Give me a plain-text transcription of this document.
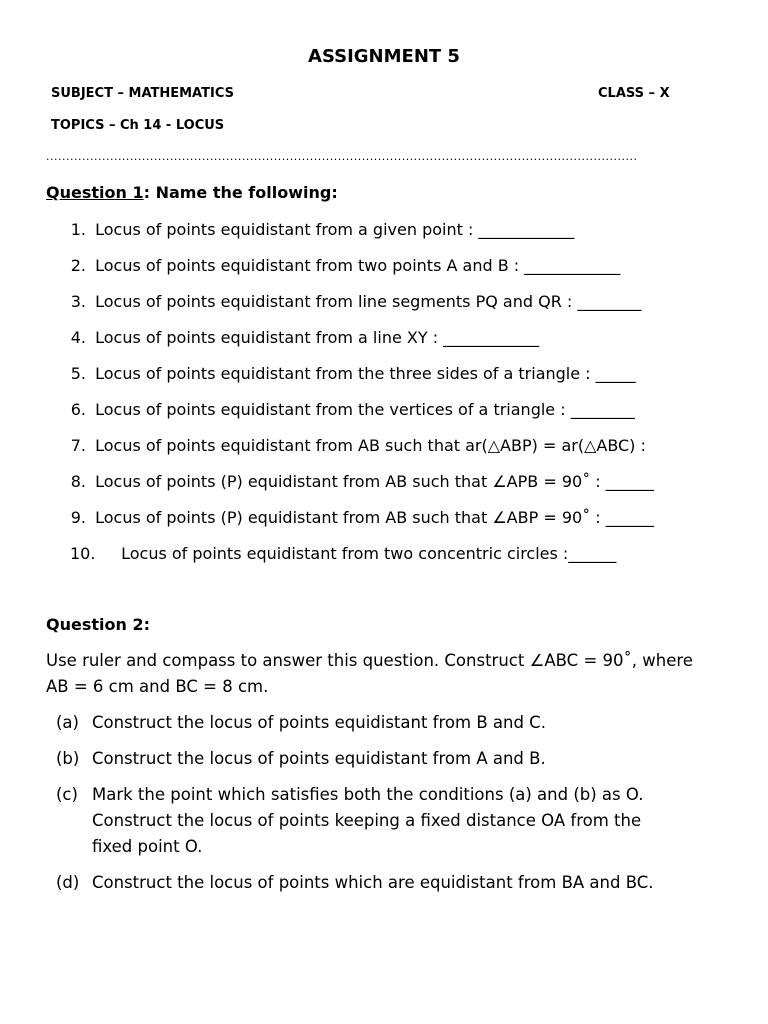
ASSIGNMENT 5
SUBJECT – MATHEMATICS	CLASS – X
TOPICS – Ch 14 - LOCUS
....................................................................................................................................................
Question 1: Name the following:
1. Locus of points equidistant from a given point : ____________
2. Locus of points equidistant from two points A and B : ____________
3. Locus of points equidistant from line segments PQ and QR : ________
4. Locus of points equidistant from a line XY : ____________
5. Locus of points equidistant from the three sides of a triangle : _____
6. Locus of points equidistant from the vertices of a triangle : ________
7. Locus of points equidistant from AB such that ar(△ABP) = ar(△ABC) :
8. Locus of points (P) equidistant from AB such that ∠APB = 90˚ : ______
9. Locus of points (P) equidistant from AB such that ∠ABP = 90˚ : ______
10. Locus of points equidistant from two concentric circles :______
Question 2:
Use ruler and compass to answer this question. Construct ∠ABC = 90˚, where AB = 6 cm and BC = 8 cm.
(a) Construct the locus of points equidistant from B and C.
(b) Construct the locus of points equidistant from A and B.
(c) Mark the point which satisfies both the conditions (a) and (b) as O. Construct the locus of points keeping a fixed distance OA from the fixed point O.
(d) Construct the locus of points which are equidistant from BA and BC.
